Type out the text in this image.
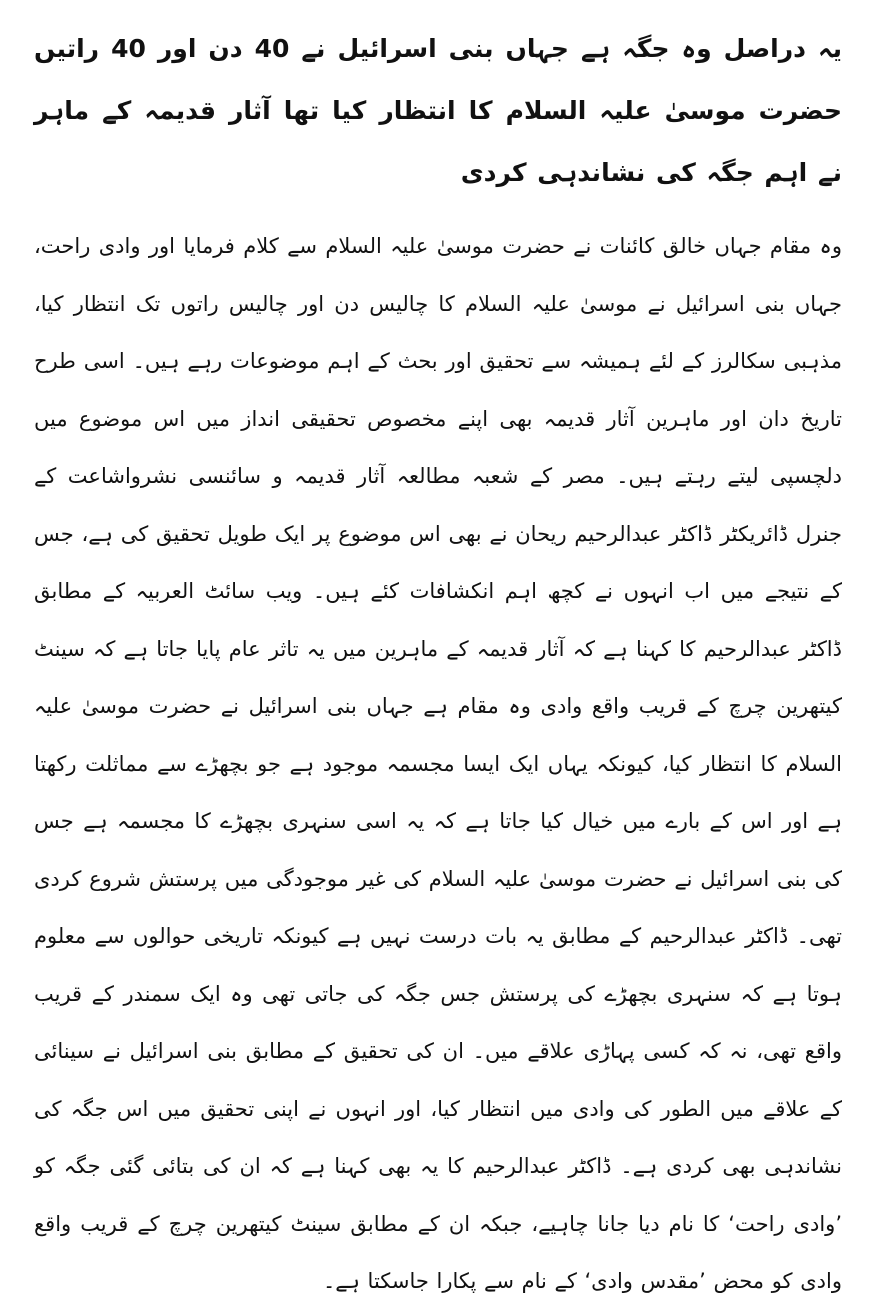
یہ دراصل وہ جگہ ہے جہاں بنی اسرائیل نے 40 دن اور 40 راتیں حضرت موسیٰ علیہ السلام کا انتظار کیا تھا آثار قدیمہ کے ماہر نے اہم جگہ کی نشاندہی کردی

وہ مقام جہاں خالق کائنات نے حضرت موسیٰ علیہ السلام سے کلام فرمایا اور وادی راحت، جہاں بنی اسرائیل نے موسیٰ علیہ السلام کا چالیس دن اور چالیس راتوں تک انتظار کیا، مذہبی سکالرز کے لئے ہمیشہ سے تحقیق اور بحث کے اہم موضوعات رہے ہیں۔ اسی طرح تاریخ دان اور ماہرین آثار قدیمہ بھی اپنے مخصوص تحقیقی انداز میں اس موضوع میں دلچسپی لیتے رہتے ہیں۔ مصر کے شعبہ مطالعہ آثار قدیمہ و سائنسی نشرواشاعت کے جنرل ڈائریکٹر ڈاکٹر عبدالرحیم ریحان نے بھی اس موضوع پر ایک طویل تحقیق کی ہے، جس کے نتیجے میں اب انہوں نے کچھ اہم انکشافات کئے ہیں۔ ویب سائٹ العربیہ کے مطابق ڈاکٹر عبدالرحیم کا کہنا ہے کہ آثار قدیمہ کے ماہرین میں یہ تاثر عام پایا جاتا ہے کہ سینٹ کیتھرین چرچ کے قریب واقع وادی وہ مقام ہے جہاں بنی اسرائیل نے حضرت موسیٰ علیہ السلام کا انتظار کیا، کیونکہ یہاں ایک ایسا مجسمہ موجود ہے جو بچھڑے سے مماثلت رکھتا ہے اور اس کے بارے میں خیال کیا جاتا ہے کہ یہ اسی سنہری بچھڑے کا مجسمہ ہے جس کی بنی اسرائیل نے حضرت موسیٰ علیہ السلام کی غیر موجودگی میں پرستش شروع کردی تھی۔ ڈاکٹر عبدالرحیم کے مطابق یہ بات درست نہیں ہے کیونکہ تاریخی حوالوں سے معلوم ہوتا ہے کہ سنہری بچھڑے کی پرستش جس جگہ کی جاتی تھی وہ ایک سمندر کے قریب واقع تھی، نہ کہ کسی پہاڑی علاقے میں۔ ان کی تحقیق کے مطابق بنی اسرائیل نے سینائی کے علاقے میں الطور کی وادی میں انتظار کیا، اور انہوں نے اپنی تحقیق میں اس جگہ کی نشاندہی بھی کردی ہے۔ ڈاکٹر عبدالرحیم کا یہ بھی کہنا ہے کہ ان کی بتائی گئی جگہ کو ’وادی راحت‘ کا نام دیا جانا چاہیے، جبکہ ان کے مطابق سینٹ کیتھرین چرچ کے قریب واقع وادی کو محض ’مقدس وادی‘ کے نام سے پکارا جاسکتا ہے۔
